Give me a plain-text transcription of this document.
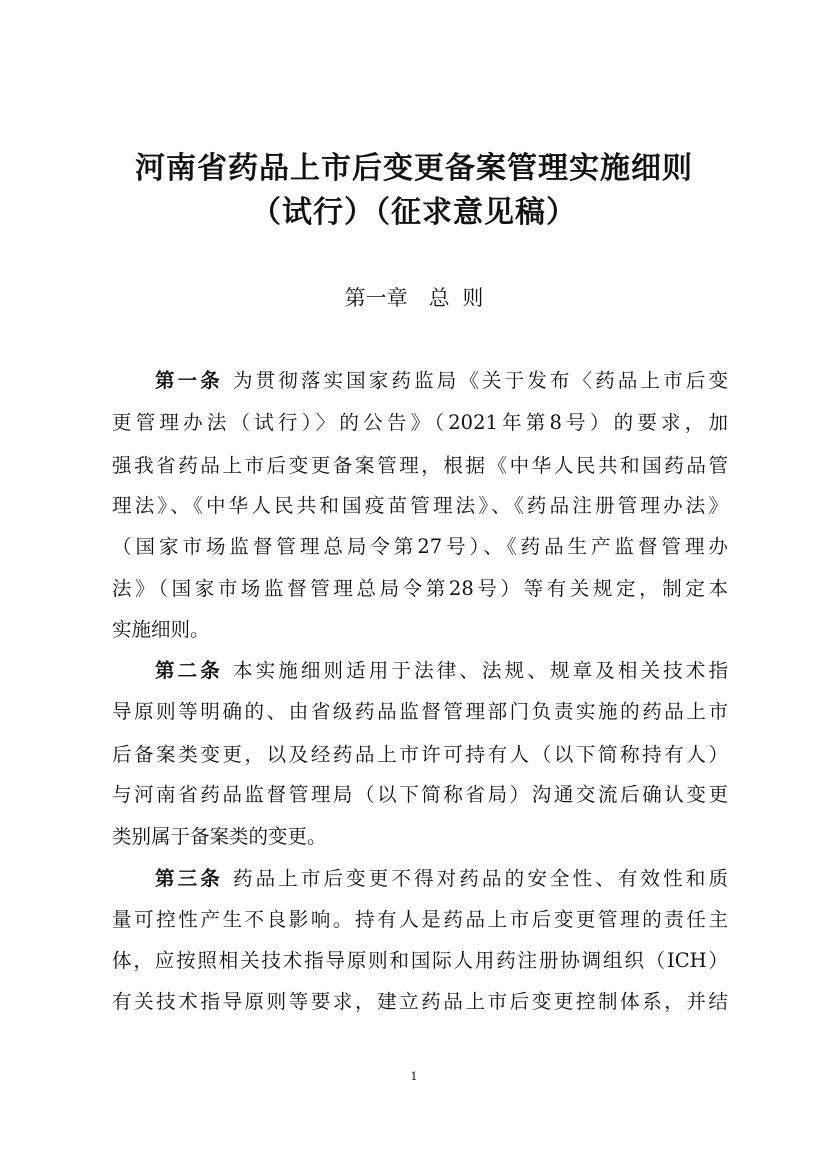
河南省药品上市后变更备案管理实施细则
（试行）（征求意见稿）
第一章　总 则
第一条 为贯彻落实国家药监局《关于发布〈药品上市后变
更管理办法（试行）〉的公告》（2021年第8号）的要求，加
强我省药品上市后变更备案管理，根据《中华人民共和国药品管
理法》、《中华人民共和国疫苗管理法》、《药品注册管理办法》
（国家市场监督管理总局令第27号）、《药品生产监督管理办
法》（国家市场监督管理总局令第28号）等有关规定，制定本
实施细则。
第二条 本实施细则适用于法律、法规、规章及相关技术指
导原则等明确的、由省级药品监督管理部门负责实施的药品上市
后备案类变更，以及经药品上市许可持有人（以下简称持有人）
与河南省药品监督管理局（以下简称省局）沟通交流后确认变更
类别属于备案类的变更。
第三条 药品上市后变更不得对药品的安全性、有效性和质
量可控性产生不良影响。持有人是药品上市后变更管理的责任主
体，应按照相关技术指导原则和国际人用药注册协调组织（ICH）
有关技术指导原则等要求，建立药品上市后变更控制体系，并结
1
